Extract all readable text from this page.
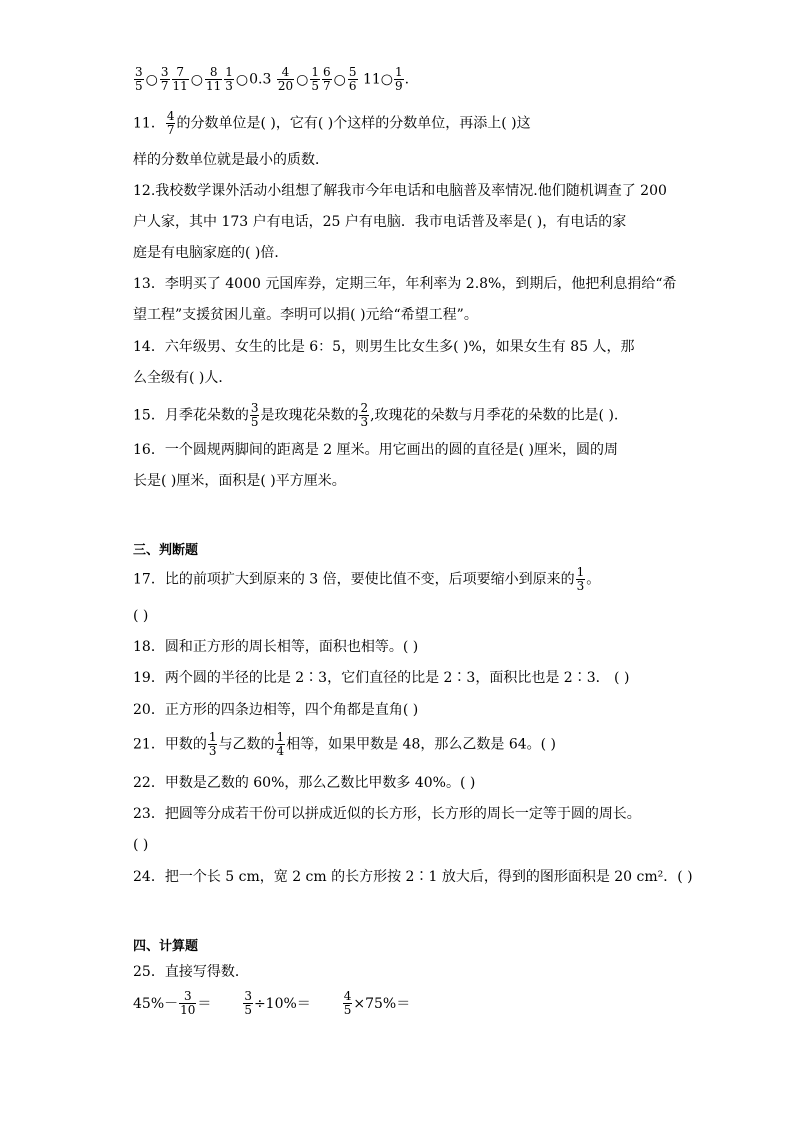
$\frac{3}{5}$ ○ $\frac{3}{7} \frac{7}{11}$ ○ $\frac{8}{11} \frac{1}{3}$ ○0.3 $\frac{4}{20}$ ○ $\frac{1}{5} \frac{6}{7}$ ○ $\frac{5}{6}$ 11○ $\frac{1}{9}$ .
11． $\frac{4}{7}$ 的分数单位是( )，它有( )个这样的分数单位，再添上( )这
样的分数单位就是最小的质数．
12.我校数学课外活动小组想了解我市今年电话和电脑普及率情况.他们随机调查了 200
户人家，其中 173 户有电话，25 户有电脑．我市电话普及率是( )，有电话的家
庭是有电脑家庭的( )倍．
13．李明买了 4000 元国库券，定期三年，年利率为 2.8%，到期后，他把利息捐给“希
望工程”支援贫困儿童。李明可以捐( )元给“希望工程”。
14．六年级男、女生的比是 6：5，则男生比女生多( )%，如果女生有 85 人，那
么全级有( )人．
15．月季花朵数的 $\frac{3}{5}$ 是玫瑰花朵数的 $\frac{2}{3}$ ,玫瑰花的朵数与月季花的朵数的比是( ).
16．一个圆规两脚间的距离是 2 厘米。用它画出的圆的直径是( )厘米，圆的周
长是( )厘米，面积是( )平方厘米。
三、判断题
17．比的前项扩大到原来的 3 倍，要使比值不变，后项要缩小到原来的 $\frac{1}{3}$ 。
( )
18．圆和正方形的周长相等，面积也相等。( )
19．两个圆的半径的比是 2∶3，它们直径的比是 2∶3，面积比也是 2∶3． ( )
20．正方形的四条边相等，四个角都是直角( )
21．甲数的 $\frac{1}{3}$ 与乙数的 $\frac{1}{4}$ 相等，如果甲数是 48，那么乙数是 64。( )
22．甲数是乙数的 60%，那么乙数比甲数多 40%。( )
23．把圆等分成若干份可以拼成近似的长方形，长方形的周长一定等于圆的周长。
( )
24．把一个长 5 cm，宽 2 cm 的长方形按 2∶1 放大后，得到的图形面积是 20 cm²．( )
四、计算题
25．直接写得数．
$45\%- \frac{3}{10}$ ＝	$\frac{3}{5} \div 10\%=$	$\frac{4}{5} \times 75\%=$
